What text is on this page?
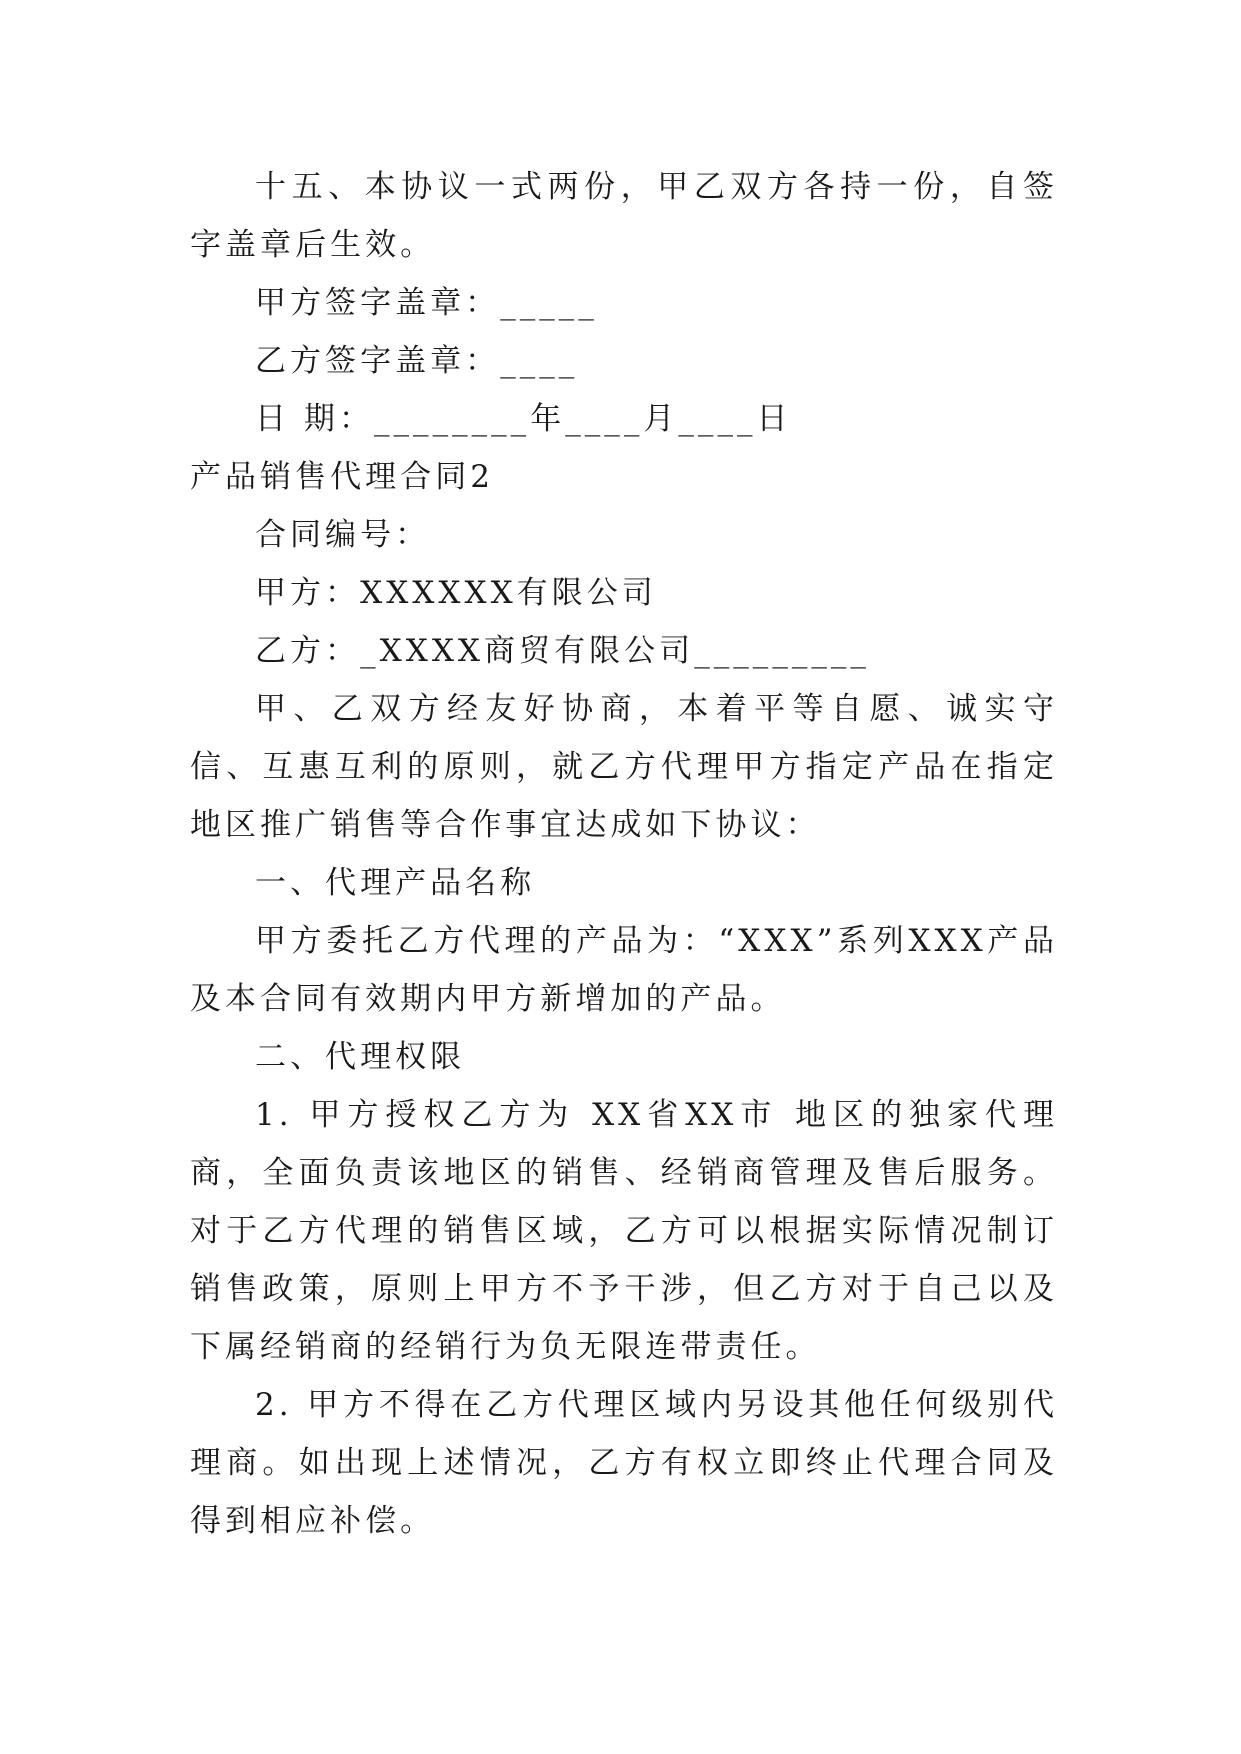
十五、本协议一式两份，甲乙双方各持一份，自签字盖章后生效。

甲方签字盖章：_____

乙方签字盖章：____

日 期：________年____月____日

产品销售代理合同2

合同编号：

甲方：XXXXXX有限公司

乙方：_XXXX商贸有限公司_________

甲、乙双方经友好协商，本着平等自愿、诚实守信、互惠互利的原则，就乙方代理甲方指定产品在指定地区推广销售等合作事宜达成如下协议：

一、代理产品名称

甲方委托乙方代理的产品为：“XXX”系列XXX产品及本合同有效期内甲方新增加的产品。

二、代理权限

1. 甲方授权乙方为 XX省XX市 地区的独家代理商，全面负责该地区的销售、经销商管理及售后服务。对于乙方代理的销售区域，乙方可以根据实际情况制订销售政策，原则上甲方不予干涉，但乙方对于自己以及下属经销商的经销行为负无限连带责任。

2. 甲方不得在乙方代理区域内另设其他任何级别代理商。如出现上述情况，乙方有权立即终止代理合同及得到相应补偿。
